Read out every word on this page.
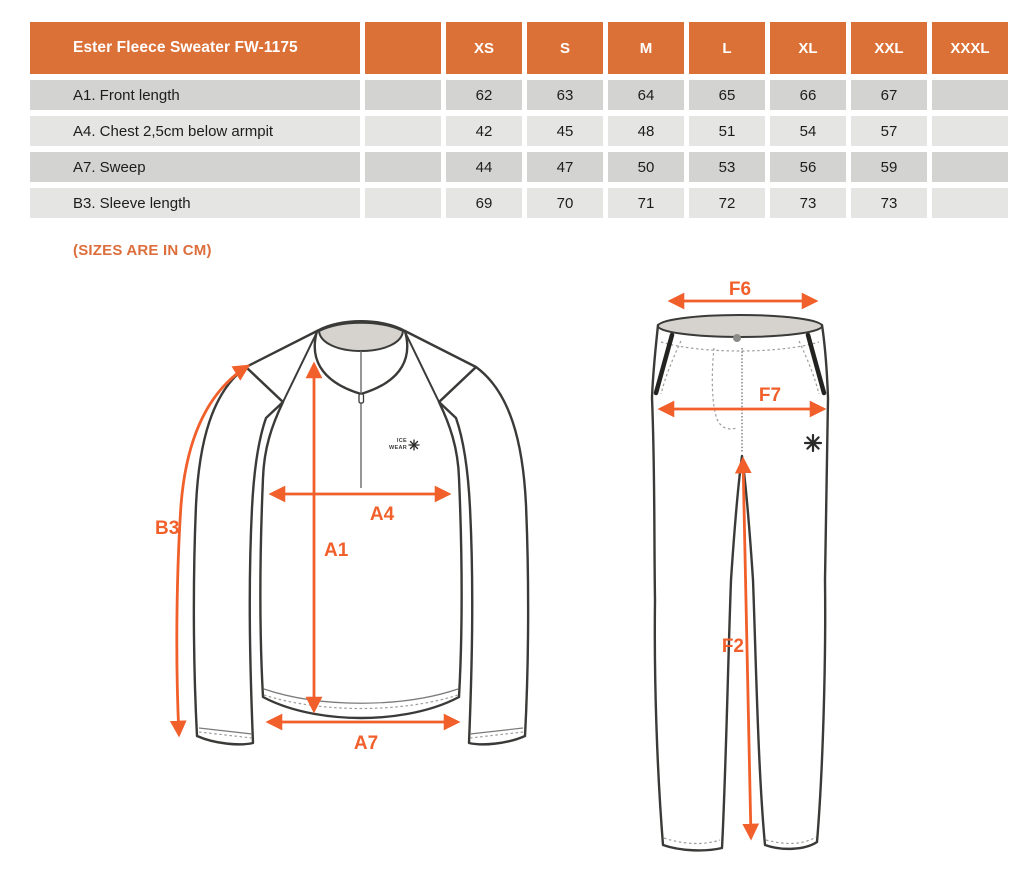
Ester Fleece Sweater FW-1175	XS	S	M	L	XL	XXL	XXXL
A1. Front length	62	63	64	65	66	67
A4. Chest 2,5cm below armpit	42	45	48	51	54	57
A7. Sweep	44	47	50	53	56	59
B3. Sleeve length	69	70	71	72	73	73
(SIZES ARE IN CM)
ICE
WEAR
B3
A1
A4
A7
F6
F7
F2
